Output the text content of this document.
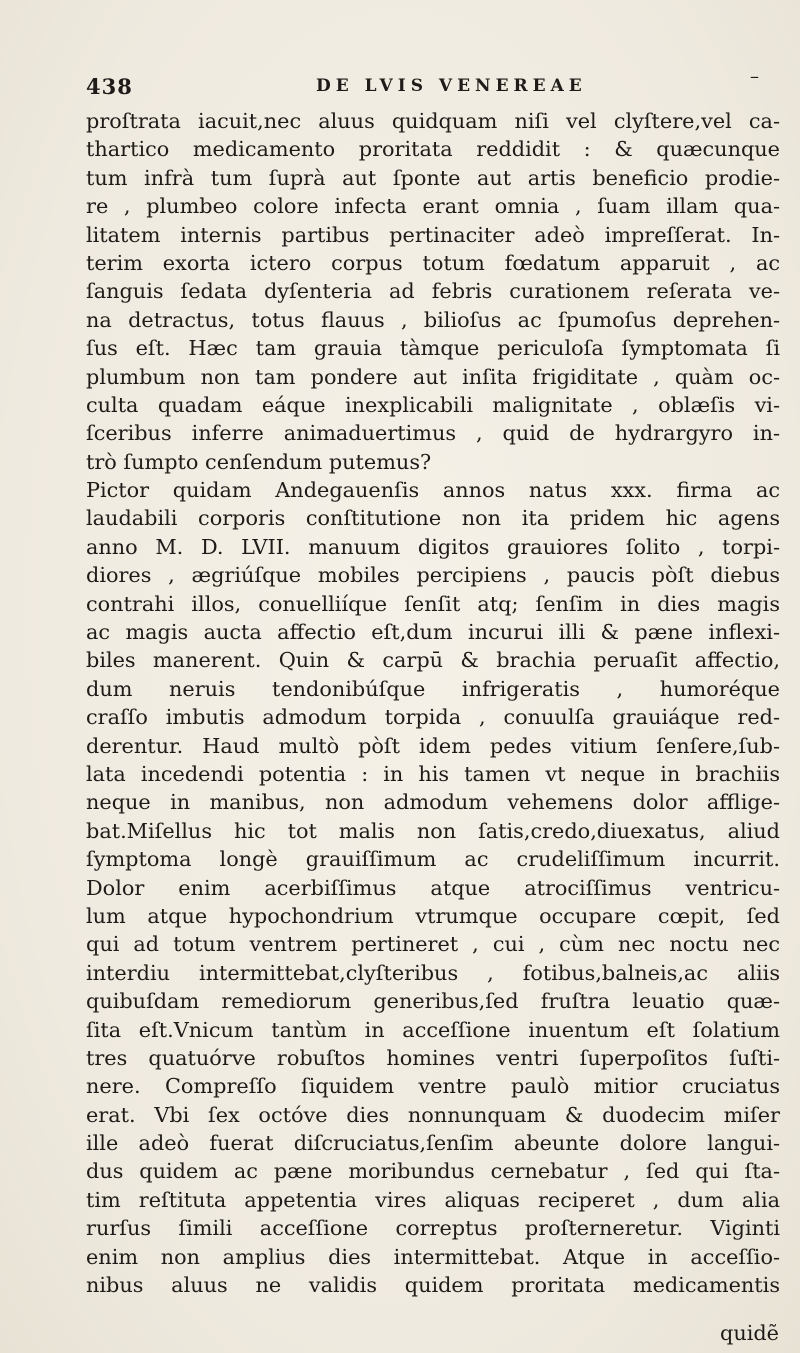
438	DE LVIS VENEREAE	–
proſtrata iacuit,nec aluus quidquam niſi vel clyſtere,vel ca-
thartico medicamento proritata reddidit : & quæcunque
tum infrà tum ſuprà aut ſponte aut artis beneficio prodie-
re , plumbeo colore infecta erant omnia , ſuam illam qua-
litatem internis partibus pertinaciter adeò impreſſerat. In-
terim exorta ictero corpus totum fœdatum apparuit , ac
ſanguis ſedata dyſenteria ad febris curationem reſerata ve-
na detractus, totus flauus , bilioſus ac ſpumoſus deprehen-
ſus eſt. Hæc tam grauia tàmque periculoſa ſymptomata ſi
plumbum non tam pondere aut inſita frigiditate , quàm oc-
culta quadam eáque inexplicabili malignitate , oblæſis vi-
ſceribus inferre animaduertimus , quid de hydrargyro in-
trò ſumpto cenſendum putemus?
Pictor quidam Andegauenſis annos natus xxx. firma ac
laudabili corporis conſtitutione non ita pridem hic agens
anno M. D. LVII. manuum digitos grauiores ſolito , torpi-
diores , ægriúſque mobiles percipiens , paucis pòſt diebus
contrahi illos, conuelliíque ſenſit atq; ſenſim in dies magis
ac magis aucta affectio eſt,dum incurui illi & pæne inflexi-
biles manerent. Quin & carpū & brachia peruaſit affectio,
dum neruis tendonibúſque infrigeratis , humoréque
craſſo imbutis admodum torpida , conuulſa grauiáque red-
derentur. Haud multò pòſt idem pedes vitium ſenſere,ſub-
lata incedendi potentia : in his tamen vt neque in brachiis
neque in manibus, non admodum vehemens dolor afflige-
bat.Miſellus hic tot malis non ſatis,credo,diuexatus, aliud
ſymptoma longè grauiſſimum ac crudeliſſimum incurrit.
Dolor enim acerbiſſimus atque atrociſſimus ventricu-
lum atque hypochondrium vtrumque occupare cœpit, ſed
qui ad totum ventrem pertineret , cui , cùm nec noctu nec
interdiu intermittebat,clyſteribus , fotibus,balneis,ac aliis
quibuſdam remediorum generibus,ſed fruſtra leuatio quæ-
ſita eſt.Vnicum tantùm in acceſſione inuentum eſt ſolatium
tres quatuórve robuſtos homines ventri ſuperpoſitos ſuſti-
nere. Compreſſo ſiquidem ventre paulò mitior cruciatus
erat. Vbi ſex octóve dies nonnunquam & duodecim miſer
ille adeò fuerat diſcruciatus,ſenſim abeunte dolore langui-
dus quidem ac pæne moribundus cernebatur , ſed qui ſta-
tim reſtituta appetentia vires aliquas reciperet , dum alia
rurſus ſimili acceſſione correptus proſterneretur. Viginti
enim non amplius dies intermittebat. Atque in acceſſio-
nibus aluus ne validis quidem proritata medicamentis
quidẽ
